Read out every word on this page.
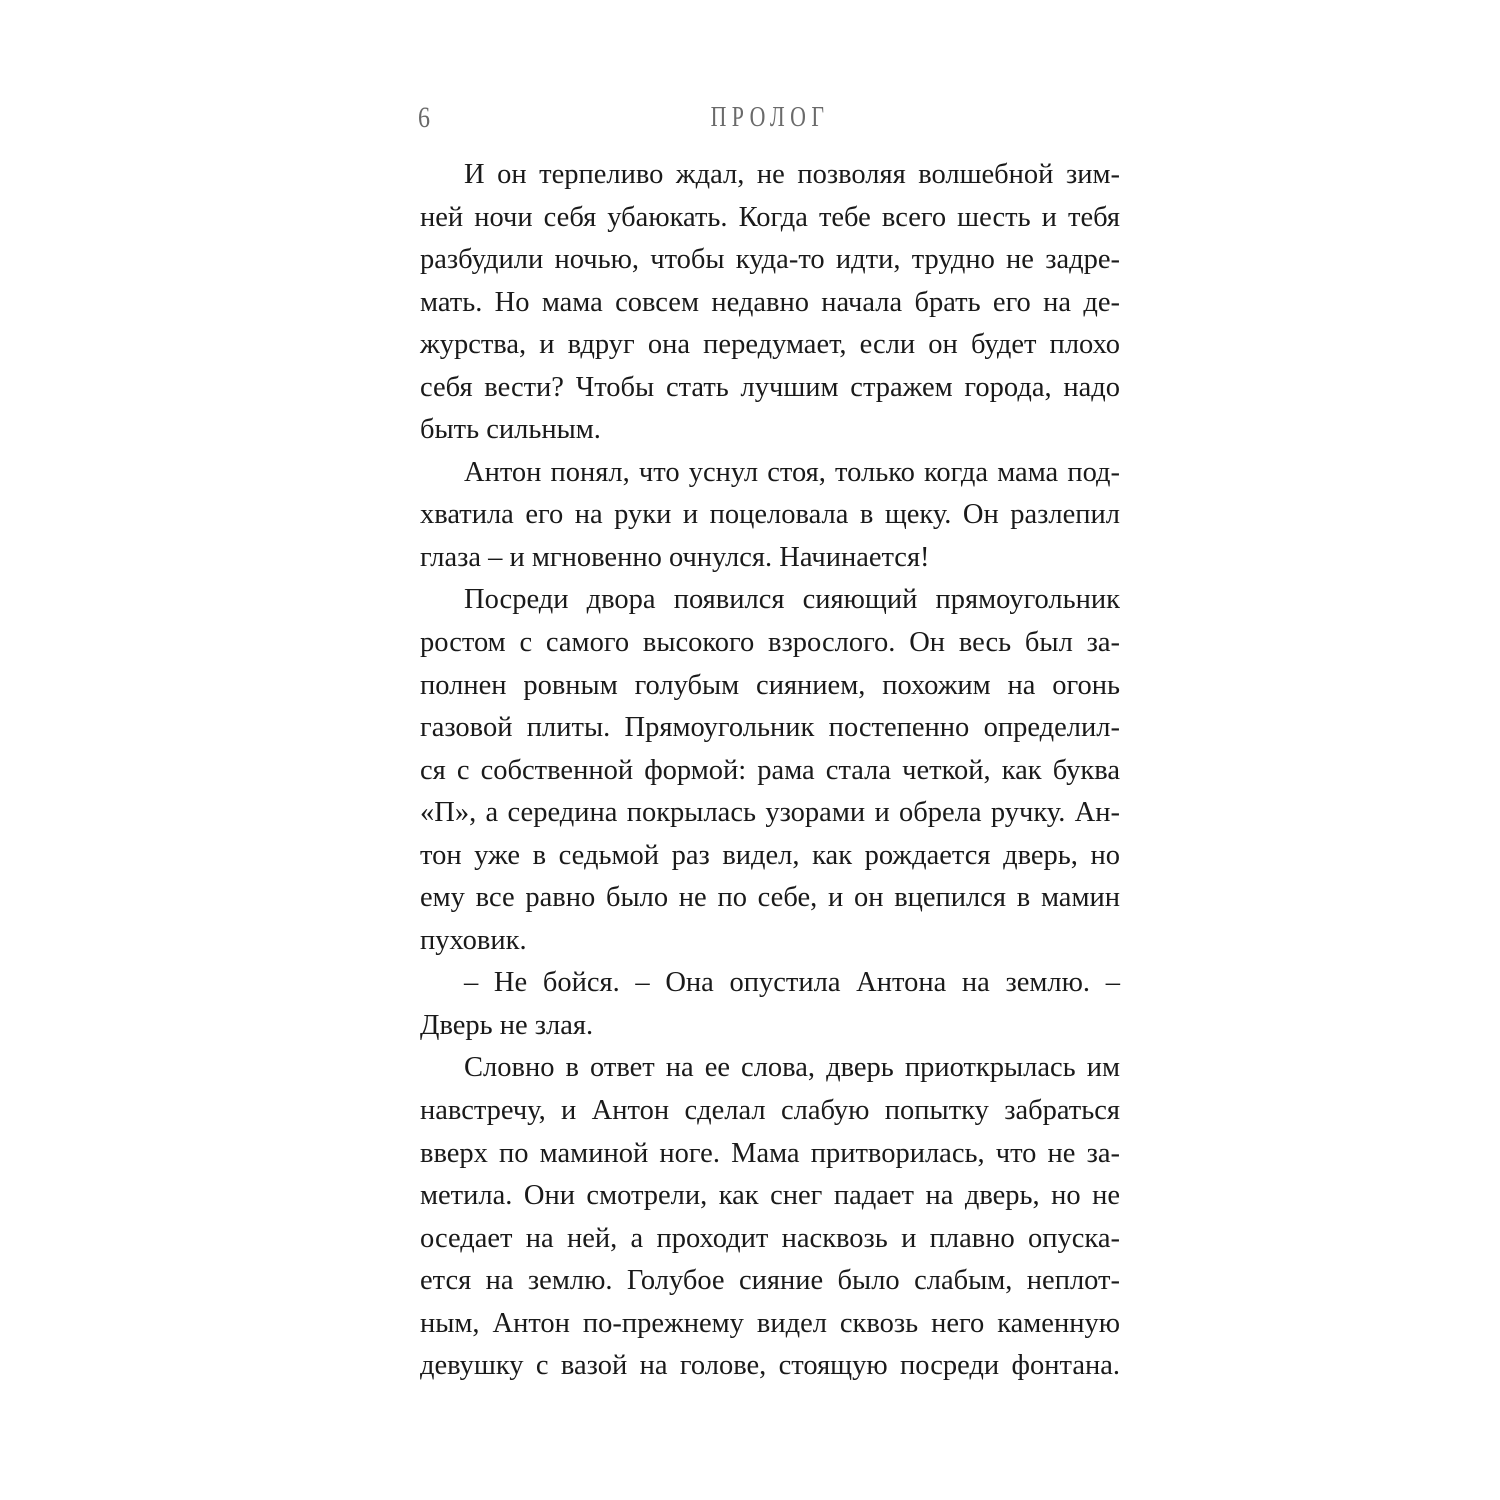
6	ПРОЛОГ
И он терпеливо ждал, не позволяя волшебной зим-
ней ночи себя убаюкать. Когда тебе всего шесть и тебя
разбудили ночью, чтобы куда-то идти, трудно не задре-
мать. Но мама совсем недавно начала брать его на де-
журства, и вдруг она передумает, если он будет плохо
себя вести? Чтобы стать лучшим стражем города, надо
быть сильным.
Антон понял, что уснул стоя, только когда мама под-
хватила его на руки и поцеловала в щеку. Он разлепил
глаза – и мгновенно очнулся. Начинается!
Посреди двора появился сияющий прямоугольник
ростом с самого высокого взрослого. Он весь был за-
полнен ровным голубым сиянием, похожим на огонь
газовой плиты. Прямоугольник постепенно определил-
ся с собственной формой: рама стала четкой, как буква
«П», а середина покрылась узорами и обрела ручку. Ан-
тон уже в седьмой раз видел, как рождается дверь, но
ему все равно было не по себе, и он вцепился в мамин
пуховик.
– Не бойся. – Она опустила Антона на землю. –
Дверь не злая.
Словно в ответ на ее слова, дверь приоткрылась им
навстречу, и Антон сделал слабую попытку забраться
вверх по маминой ноге. Мама притворилась, что не за-
метила. Они смотрели, как снег падает на дверь, но не
оседает на ней, а проходит насквозь и плавно опуска-
ется на землю. Голубое сияние было слабым, неплот-
ным, Антон по-прежнему видел сквозь него каменную
девушку с вазой на голове, стоящую посреди фонтана.
